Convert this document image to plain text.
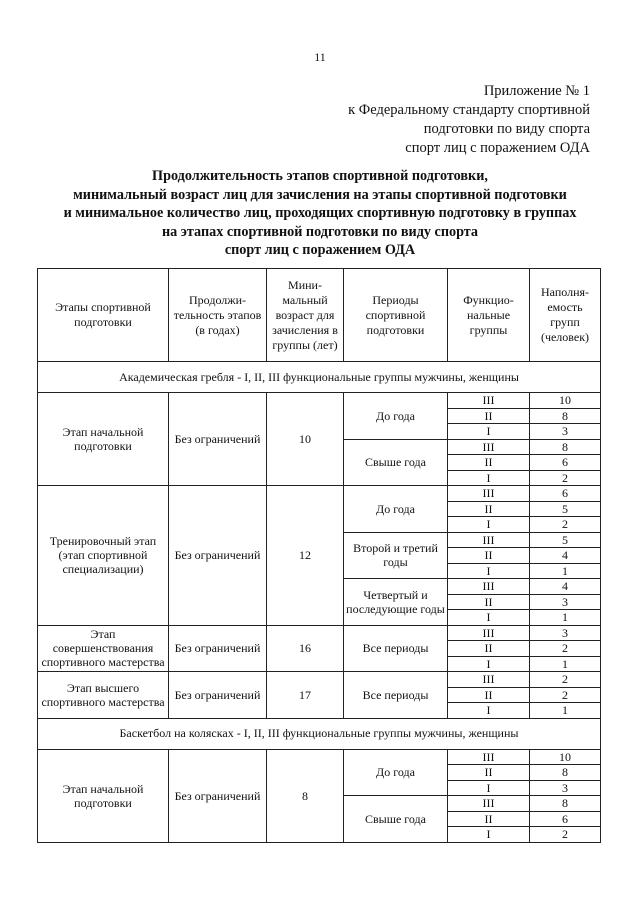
11
Приложение № 1
к Федеральному стандарту спортивной
подготовки по виду спорта
спорт лиц с поражением ОДА
Продолжительность этапов спортивной подготовки,
минимальный возраст лиц для зачисления на этапы спортивной подготовки
и минимальное количество лиц, проходящих спортивную подготовку в группах
на этапах спортивной подготовки по виду спорта
спорт лиц с поражением ОДА
Этапы спортивной подготовки	Продолжи-тельность этапов (в годах)	Мини-мальный возраст для зачисления в группы (лет)	Периоды спортивной подготовки	Функцио-нальные группы	Наполня-емость групп (человек)
Академическая гребля - I, II, III функциональные группы мужчины, женщины					
Этап начальной подготовки	Без ограничений	10	До года	III	10
				II	8
				I	3
			Свыше года	III	8
				II	6
				I	2
Тренировочный этап (этап спортивной специализации)	Без ограничений	12	До года	III	6
				II	5
				I	2
			Второй и третий годы	III	5
				II	4
				I	1
			Четвертый и последующие годы	III	4
				II	3
				I	1
Этап совершенствования спортивного мастерства	Без ограничений	16	Все периоды	III	3
				II	2
				I	1
Этап высшего спортивного мастерства	Без ограничений	17	Все периоды	III	2
				II	2
				I	1
Баскетбол на колясках - I, II, III функциональные группы мужчины, женщины					
Этап начальной подготовки	Без ограничений	8	До года	III	10
				II	8
				I	3
			Свыше года	III	8
				II	6
				I	2
